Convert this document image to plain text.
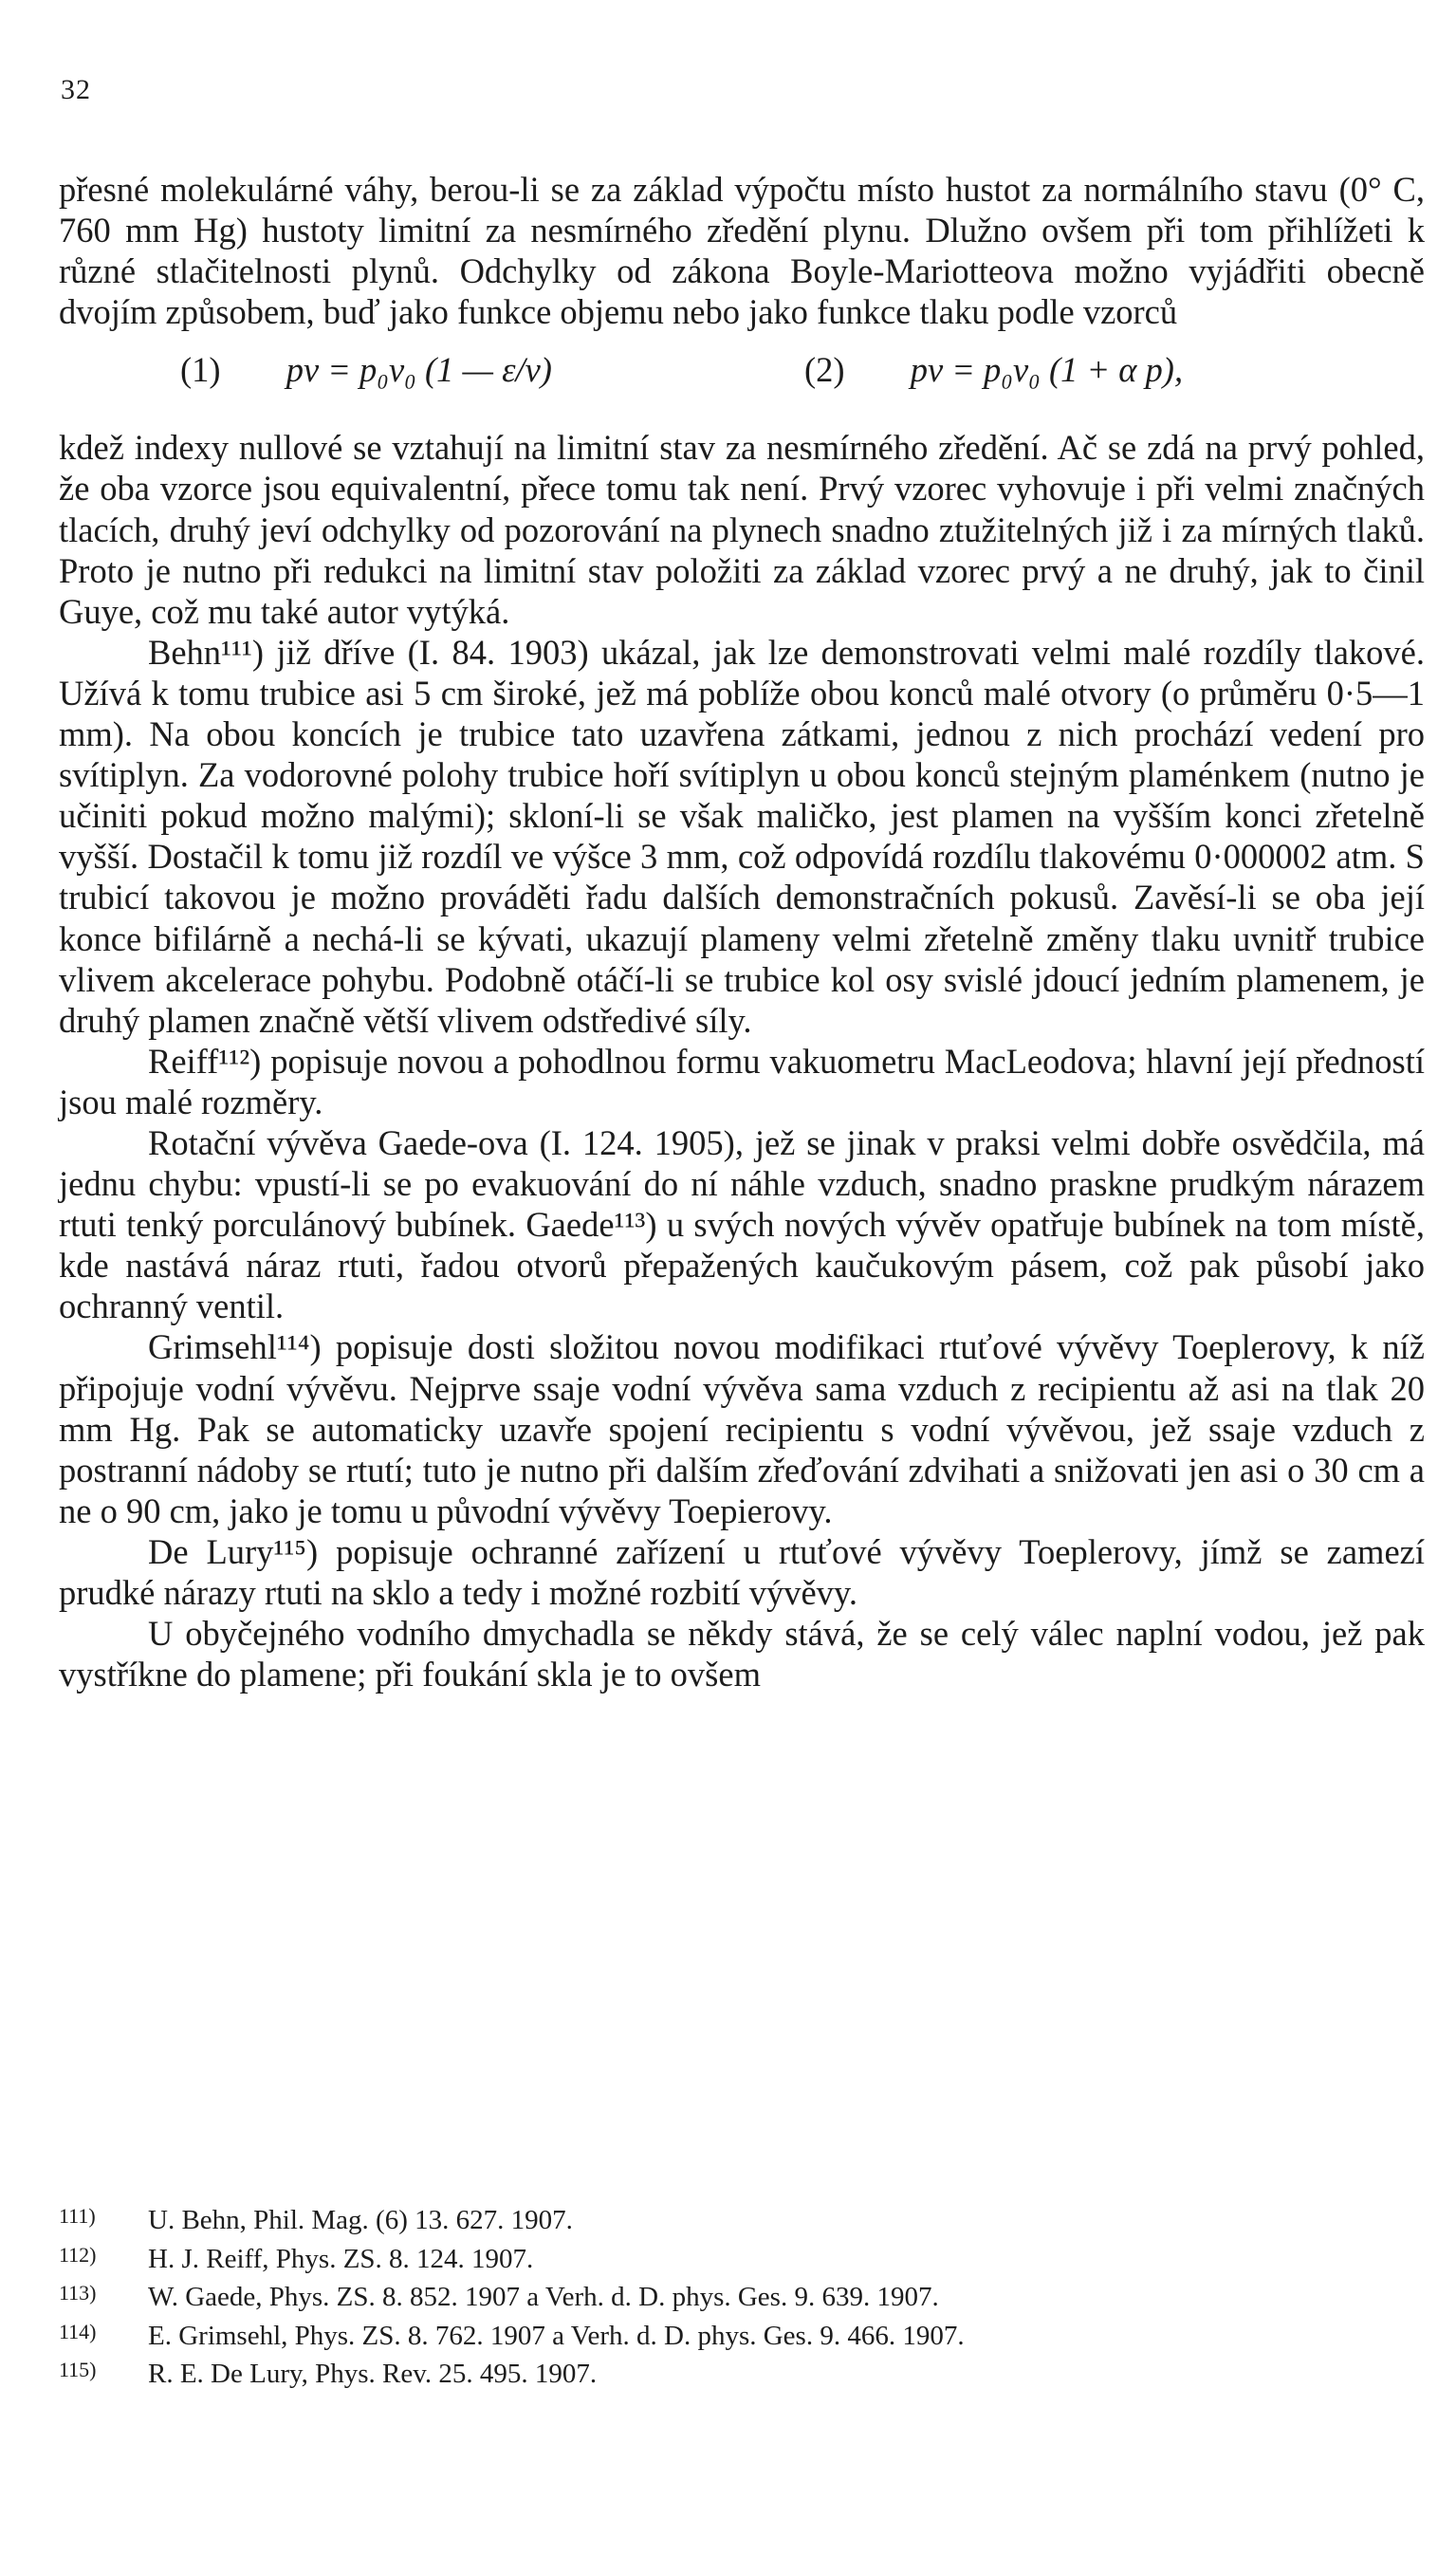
32

přesné molekulárné váhy, berou-li se za základ výpočtu místo hustot za normálního stavu (0° C, 760 mm Hg) hustoty limitní za nesmírného zředění plynu. Dlužno ovšem při tom přihlížeti k různé stlačitelnosti plynů. Odchylky od zákona Boyle-Mariotteova možno vyjádřiti obecně dvojím způsobem, buď jako funkce objemu nebo jako funkce tlaku podle vzorců

(1) pv = p₀v₀ (1 — ε/v)	(2) pv = p₀v₀ (1 + α p),

kdež indexy nullové se vztahují na limitní stav za nesmírného zředění. Ač se zdá na prvý pohled, že oba vzorce jsou equivalentní, přece tomu tak není. Prvý vzorec vyhovuje i při velmi značných tlacích, druhý jeví odchylky od pozorování na plynech snadno ztužitelných již i za mírných tlaků. Proto je nutno při redukci na limitní stav položiti za základ vzorec prvý a ne druhý, jak to činil Guye, což mu také autor vytýká.

Behn¹¹¹) již dříve (I. 84. 1903) ukázal, jak lze demonstrovati velmi malé rozdíly tlakové. Užívá k tomu trubice asi 5 cm široké, jež má poblíže obou konců malé otvory (o průměru 0·5—1 mm). Na obou koncích je trubice tato uzavřena zátkami, jednou z nich prochází vedení pro svítiplyn. Za vodorovné polohy trubice hoří svítiplyn u obou konců stejným plaménkem (nutno je učiniti pokud možno malými); skloní-li se však maličko, jest plamen na vyšším konci zřetelně vyšší. Dostačil k tomu již rozdíl ve výšce 3 mm, což odpovídá rozdílu tlakovému 0·000002 atm. S trubicí takovou je možno prováděti řadu dalších demonstračních pokusů. Zavěsí-li se oba její konce bifilárně a nechá-li se kývati, ukazují plameny velmi zřetelně změny tlaku uvnitř trubice vlivem akcelerace pohybu. Podobně otáčí-li se trubice kol osy svislé jdoucí jedním plamenem, je druhý plamen značně větší vlivem odstředivé síly.

Reiff¹¹²) popisuje novou a pohodlnou formu vakuometru MacLeodova; hlavní její předností jsou malé rozměry.

Rotační vývěva Gaede-ova (I. 124. 1905), jež se jinak v praksi velmi dobře osvědčila, má jednu chybu: vpustí-li se po evakuování do ní náhle vzduch, snadno praskne prudkým nárazem rtuti tenký porculánový bubínek. Gaede¹¹³) u svých nových vývěv opatřuje bubínek na tom místě, kde nastává náraz rtuti, řadou otvorů přepažených kaučukovým pásem, což pak působí jako ochranný ventil.

Grimsehl¹¹⁴) popisuje dosti složitou novou modifikaci rtuťové vývěvy Toeplerovy, k níž připojuje vodní vývěvu. Nejprve ssaje vodní vývěva sama vzduch z recipientu až asi na tlak 20 mm Hg. Pak se automaticky uzavře spojení recipientu s vodní vývěvou, jež ssaje vzduch z postranní nádoby se rtutí; tuto je nutno při dalším zřeďování zdvihati a snižovati jen asi o 30 cm a ne o 90 cm, jako je tomu u původní vývěvy Toepierovy.

De Lury¹¹⁵) popisuje ochranné zařízení u rtuťové vývěvy Toeplerovy, jímž se zamezí prudké nárazy rtuti na sklo a tedy i možné rozbití vývěvy.

U obyčejného vodního dmychadla se někdy stává, že se celý válec naplní vodou, jež pak vystříkne do plamene; při foukání skla je to ovšem

111) U. Behn, Phil. Mag. (6) 13. 627. 1907.

112) H. J. Reiff, Phys. ZS. 8. 124. 1907.

113) W. Gaede, Phys. ZS. 8. 852. 1907 a Verh. d. D. phys. Ges. 9. 639. 1907.

114) E. Grimsehl, Phys. ZS. 8. 762. 1907 a Verh. d. D. phys. Ges. 9. 466. 1907.

115) R. E. De Lury, Phys. Rev. 25. 495. 1907.
